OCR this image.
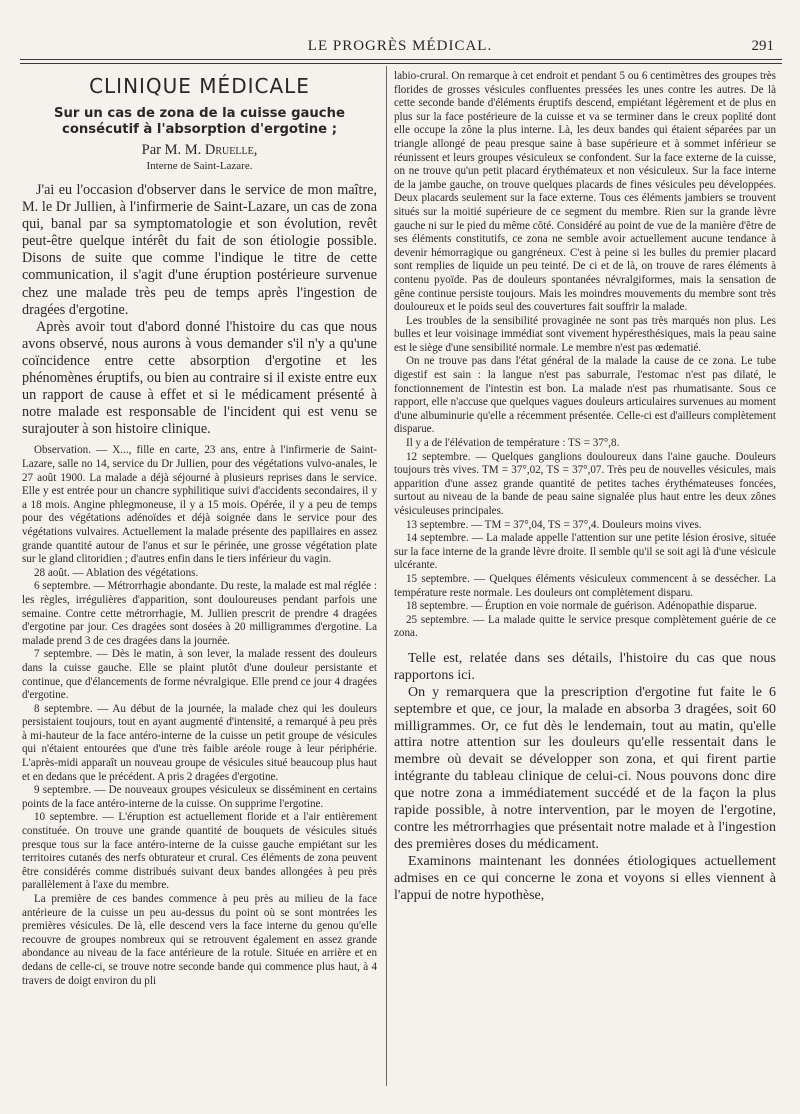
LE PROGRÈS MÉDICAL.	291
CLINIQUE MÉDICALE
Sur un cas de zona de la cuisse gauche consécutif à l'absorption d'ergotine ;
Par M. M. Druelle,
Interne de Saint-Lazare.

J'ai eu l'occasion d'observer dans le service de mon maître, M. le Dr Jullien, à l'infirmerie de Saint-Lazare, un cas de zona qui, banal par sa symptomatologie et son évolution, revêt peut-être quelque intérêt du fait de son étiologie possible. Disons de suite que comme l'indique le titre de cette communication, il s'agit d'une éruption postérieure survenue chez une malade très peu de temps après l'ingestion de dragées d'ergotine.

Après avoir tout d'abord donné l'histoire du cas que nous avons observé, nous aurons à vous demander s'il n'y a qu'une coïncidence entre cette absorption d'ergotine et les phénomènes éruptifs, ou bien au contraire si il existe entre eux un rapport de cause à effet et si le médicament présenté à notre malade est responsable de l'incident qui est venu se surajouter à son histoire clinique.

Observation. — X..., fille en carte, 23 ans, entre à l'infirmerie de Saint-Lazare, salle no 14, service du Dr Jullien, pour des végétations vulvo-anales, le 27 août 1900. La malade a déjà séjourné à plusieurs reprises dans le service. Elle y est entrée pour un chancre syphilitique suivi d'accidents secondaires, il y a 18 mois. Angine phlegmoneuse, il y a 15 mois. Opérée, il y a peu de temps pour des végétations adénoïdes et déjà soignée dans le service pour des végétations vulvaires. Actuellement la malade présente des papillaires en assez grande quantité autour de l'anus et sur le périnée, une grosse végétation plate sur le gland clitoridien ; d'autres enfin dans le tiers inférieur du vagin.

28 août. — Ablation des végétations.

6 septembre. — Métrorrhagie abondante. Du reste, la malade est mal réglée : les règles, irrégulières d'apparition, sont douloureuses pendant parfois une semaine. Contre cette métrorrhagie, M. Jullien prescrit de prendre 4 dragées d'ergotine par jour. Ces dragées sont dosées à 20 milligrammes d'ergotine. La malade prend 3 de ces dragées dans la journée.

7 septembre. — Dès le matin, à son lever, la malade ressent des douleurs dans la cuisse gauche. Elle se plaint plutôt d'une douleur persistante et continue, que d'élancements de forme névralgique. Elle prend ce jour 4 dragées d'ergotine.

8 septembre. — Au début de la journée, la malade chez qui les douleurs persistaient toujours, tout en ayant augmenté d'intensité, a remarqué à peu près à mi-hauteur de la face antéro-interne de la cuisse un petit groupe de vésicules qui n'étaient entourées que d'une très faible aréole rouge à leur périphérie. L'après-midi apparaît un nouveau groupe de vésicules situé beaucoup plus haut et en dedans que le précédent. A pris 2 dragées d'ergotine.

9 septembre. — De nouveaux groupes vésiculeux se disséminent en certains points de la face antéro-interne de la cuisse. On supprime l'ergotine.

10 septembre. — L'éruption est actuellement floride et a l'air entièrement constituée. On trouve une grande quantité de bouquets de vésicules situés presque tous sur la face antéro-interne de la cuisse gauche empiétant sur les territoires cutanés des nerfs obturateur et crural. Ces éléments de zona peuvent être considérés comme distribués suivant deux bandes allongées à peu près parallèlement à l'axe du membre.

La première de ces bandes commence à peu près au milieu de la face antérieure de la cuisse un peu au-dessus du point où se sont montrées les premières vésicules. De là, elle descend vers la face interne du genou qu'elle recouvre de groupes nombreux qui se retrouvent également en assez grande abondance au niveau de la face antérieure de la rotule. Située en arrière et en dedans de celle-ci, se trouve notre seconde bande qui commence plus haut, à 4 travers de doigt environ du pli

labio-crural. On remarque à cet endroit et pendant 5 ou 6 centimètres des groupes très florides de grosses vésicules confluentes pressées les unes contre les autres. De là cette seconde bande d'éléments éruptifs descend, empiétant légèrement et de plus en plus sur la face postérieure de la cuisse et va se terminer dans le creux poplité dont elle occupe la zône la plus interne. Là, les deux bandes qui étaient séparées par un triangle allongé de peau presque saine à base supérieure et à sommet inférieur se réunissent et leurs groupes vésiculeux se confondent. Sur la face externe de la cuisse, on ne trouve qu'un petit placard érythémateux et non vésiculeux. Sur la face interne de la jambe gauche, on trouve quelques placards de fines vésicules peu développées. Deux placards seulement sur la face externe. Tous ces éléments jambiers se trouvent situés sur la moitié supérieure de ce segment du membre. Rien sur la grande lèvre gauche ni sur le pied du même côté. Considéré au point de vue de la manière d'être de ses éléments constitutifs, ce zona ne semble avoir actuellement aucune tendance à devenir hémorragique ou gangréneux. C'est à peine si les bulles du premier placard sont remplies de liquide un peu teinté. De ci et de là, on trouve de rares éléments à contenu pyoïde. Pas de douleurs spontanées névralgiformes, mais la sensation de gêne continue persiste toujours. Mais les moindres mouvements du membre sont très douloureux et le poids seul des couvertures fait souffrir la malade.

Les troubles de la sensibilité provaginée ne sont pas très marqués non plus. Les bulles et leur voisinage immédiat sont vivement hypéresthésiques, mais la peau saine est le siège d'une sensibilité normale. Le membre n'est pas œdematié.

On ne trouve pas dans l'état général de la malade la cause de ce zona. Le tube digestif est sain : la langue n'est pas saburrale, l'estomac n'est pas dilaté, le fonctionnement de l'intestin est bon. La malade n'est pas rhumatisante. Sous ce rapport, elle n'accuse que quelques vagues douleurs articulaires survenues au moment d'une albuminurie qu'elle a récemment présentée. Celle-ci est d'ailleurs complètement disparue.

Il y a de l'élévation de température : TS = 37°,8.

12 septembre. — Quelques ganglions douloureux dans l'aine gauche. Douleurs toujours très vives. TM = 37°,02, TS = 37°,07. Très peu de nouvelles vésicules, mais apparition d'une assez grande quantité de petites taches érythémateuses foncées, surtout au niveau de la bande de peau saine signalée plus haut entre les deux zônes vésiculeuses principales.

13 septembre. — TM = 37°,04, TS = 37°,4. Douleurs moins vives.

14 septembre. — La malade appelle l'attention sur une petite lésion érosive, située sur la face interne de la grande lèvre droite. Il semble qu'il se soit agi là d'une vésicule ulcérante.

15 septembre. — Quelques éléments vésiculeux commencent à se dessécher. La température reste normale. Les douleurs ont complètement disparu.

18 septembre. — Éruption en voie normale de guérison. Adénopathie disparue.

25 septembre. — La malade quitte le service presque complètement guérie de ce zona.

Telle est, relatée dans ses détails, l'histoire du cas que nous rapportons ici.

On y remarquera que la prescription d'ergotine fut faite le 6 septembre et que, ce jour, la malade en absorba 3 dragées, soit 60 milligrammes. Or, ce fut dès le lendemain, tout au matin, qu'elle attira notre attention sur les douleurs qu'elle ressentait dans le membre où devait se développer son zona, et qui firent partie intégrante du tableau clinique de celui-ci. Nous pouvons donc dire que notre zona a immédiatement succédé et de la façon la plus rapide possible, à notre intervention, par le moyen de l'ergotine, contre les métrorrhagies que présentait notre malade et à l'ingestion des premières doses du médicament.

Examinons maintenant les données étiologiques actuellement admises en ce qui concerne le zona et voyons si elles viennent à l'appui de notre hypothèse,
